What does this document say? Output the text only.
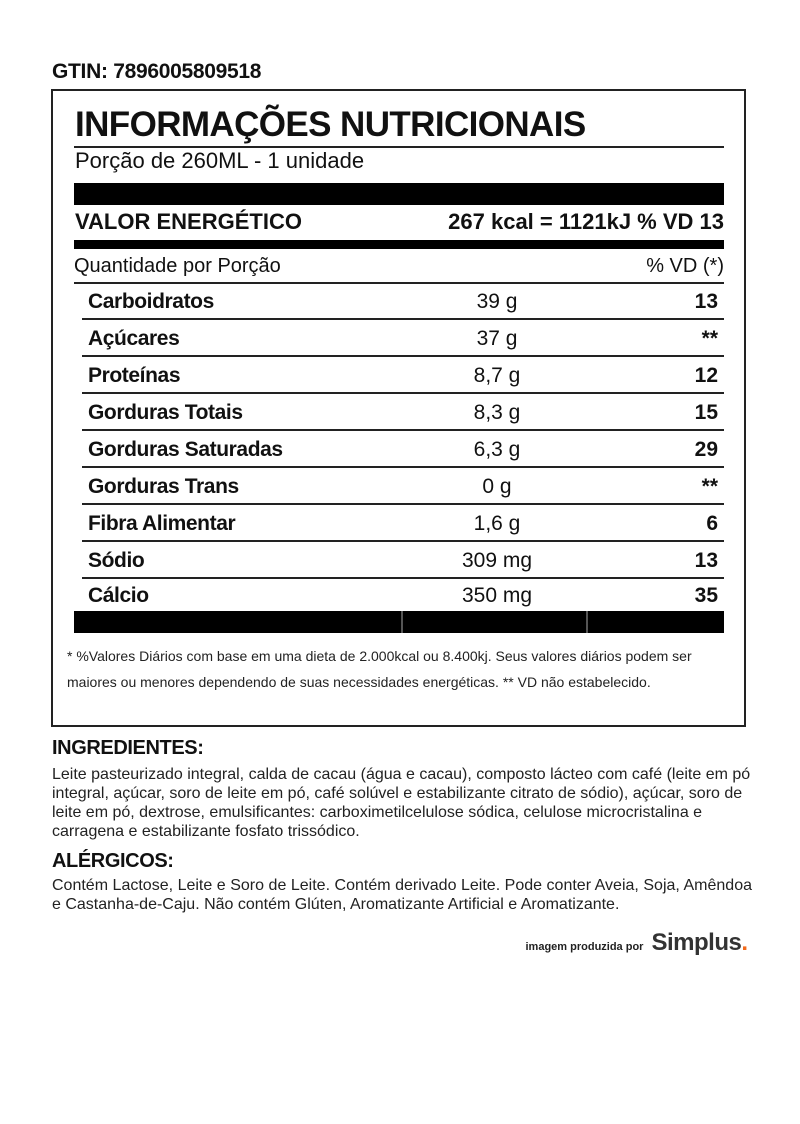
GTIN: 7896005809518
INFORMAÇÕES NUTRICIONAIS
Porção de 260ML - 1 unidade
VALOR ENERGÉTICO	267 kcal = 1121kJ % VD 13
Quantidade por Porção	% VD (*)
Carboidratos	39 g	13
Açúcares	37 g	**
Proteínas	8,7 g	12
Gorduras Totais	8,3 g	15
Gorduras Saturadas	6,3 g	29
Gorduras Trans	0 g	**
Fibra Alimentar	1,6 g	6
Sódio	309 mg	13
Cálcio	350 mg	35
* %Valores Diários com base em uma dieta de 2.000kcal ou 8.400kj. Seus valores diários podem ser maiores ou menores dependendo de suas necessidades energéticas. ** VD não estabelecido.
INGREDIENTES:
Leite pasteurizado integral, calda de cacau (água e cacau), composto lácteo com café (leite em pó integral, açúcar, soro de leite em pó, café solúvel e estabilizante citrato de sódio), açúcar, soro de leite em pó, dextrose, emulsificantes: carboximetilcelulose sódica, celulose microcristalina e carragena e estabilizante fosfato trissódico.
ALÉRGICOS:
Contém Lactose, Leite e Soro de Leite. Contém derivado Leite. Pode conter Aveia, Soja, Amêndoa e Castanha-de-Caju. Não contém Glúten, Aromatizante Artificial e Aromatizante.
imagem produzida por Simplus .
